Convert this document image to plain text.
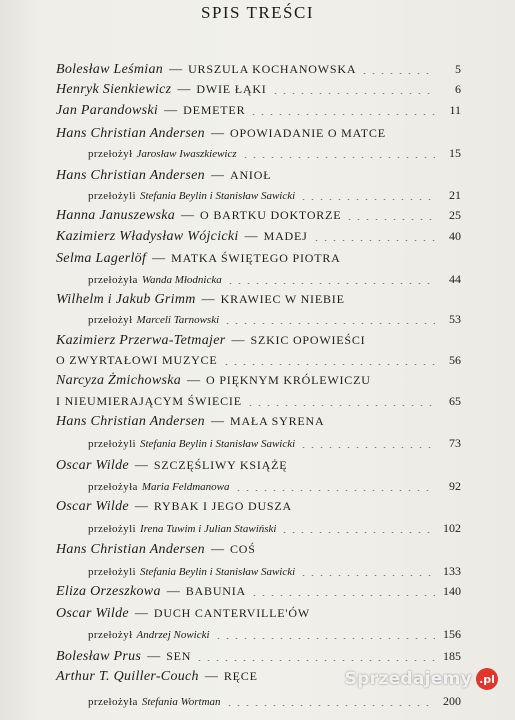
SPIS TREŚCI
Bolesław Leśmian — URSZULA KOCHANOWSKA	5
Henryk Sienkiewicz — DWIE ŁĄKI	6
Jan Parandowski — DEMETER	11
Hans Christian Andersen — OPOWIADANIE O MATCE
przełożył Jarosław Iwaszkiewicz	15
Hans Christian Andersen — ANIOŁ
przełożyli Stefania Beylin i Stanisław Sawicki	21
Hanna Januszewska — O BARTKU DOKTORZE	25
Kazimierz Władysław Wójcicki — MADEJ	40
Selma Lagerlöf — MATKA ŚWIĘTEGO PIOTRA
przełożyła Wanda Młodnicka	44
Wilhelm i Jakub Grimm — KRAWIEC W NIEBIE
przełożył Marceli Tarnowski	53
Kazimierz Przerwa-Tetmajer — SZKIC OPOWIEŚCI
O ZWYRTAŁOWI MUZYCE	56
Narcyza Żmichowska — O PIĘKNYM KRÓLEWICZU
I NIEUMIERAJĄCYM ŚWIECIE	65
Hans Christian Andersen — MAŁA SYRENA
przełożyli Stefania Beylin i Stanisław Sawicki	73
Oscar Wilde — SZCZĘŚLIWY KSIĄŻĘ
przełożyła Maria Feldmanowa	92
Oscar Wilde — RYBAK I JEGO DUSZA
przełożyli Irena Tuwim i Julian Stawiński	102
Hans Christian Andersen — COŚ
przełożyli Stefania Beylin i Stanisław Sawicki	133
Eliza Orzeszkowa — BABUNIA	140
Oscar Wilde — DUCH CANTERVILLE'ÓW
przełożył Andrzej Nowicki	156
Bolesław Prus — SEN	185
Arthur T. Quiller-Couch — RĘCE
przełożyła Stefania Wortman	200
Sprzedajemy .pl
